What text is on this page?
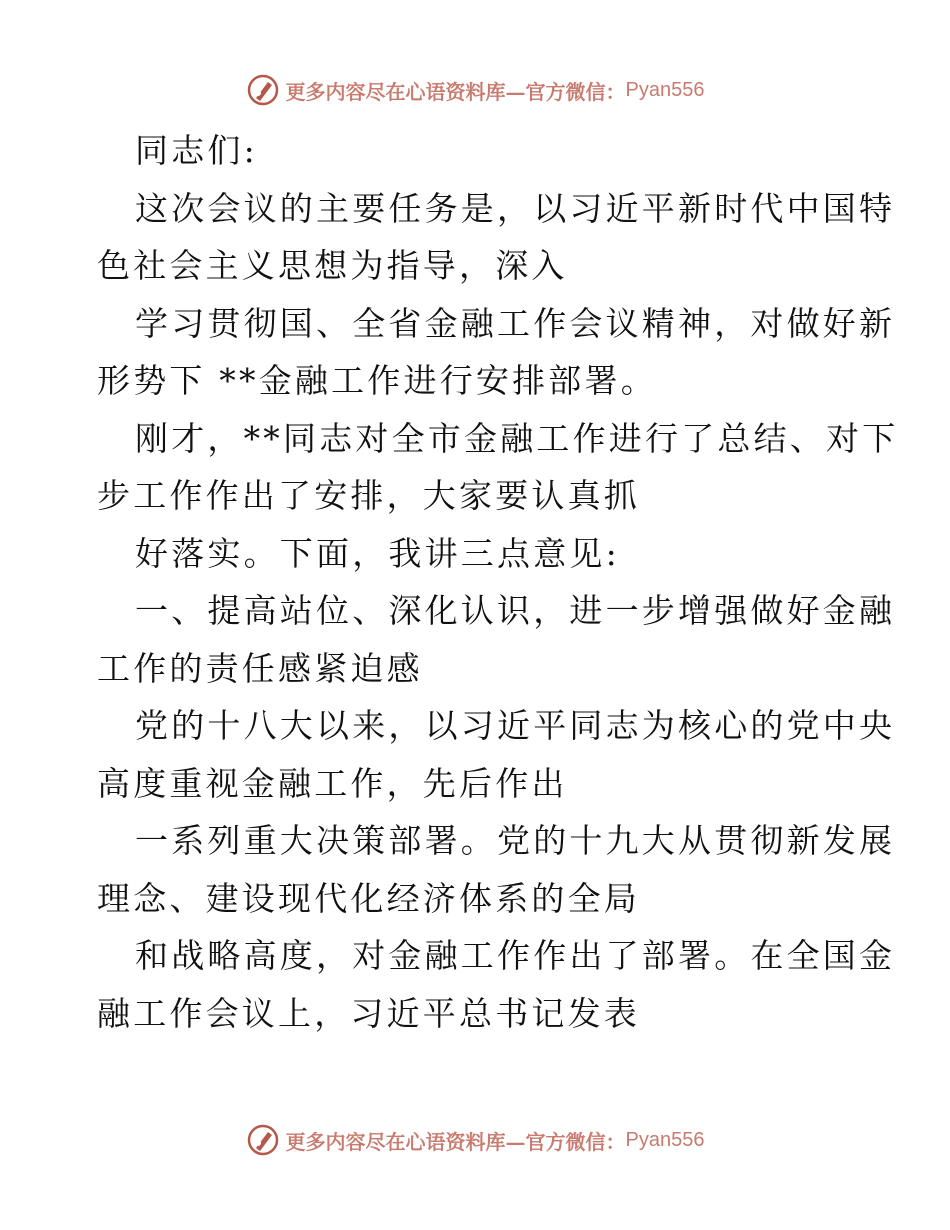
更多内容尽在心语资料库—官方微信： Pyan556
同志们:
这次会议的主要任务是，以习近平新时代中国特
色社会主义思想为指导，深入
学习贯彻国、全省金融工作会议精神，对做好新
形势下 **金融工作进行安排部署。
刚才，**同志对全市金融工作进行了总结、对下
步工作作出了安排，大家要认真抓
好落实。下面，我讲三点意见:
一、提高站位、深化认识，进一步增强做好金融
工作的责任感紧迫感
党的十八大以来，以习近平同志为核心的党中央
高度重视金融工作，先后作出
一系列重大决策部署。党的十九大从贯彻新发展
理念、建设现代化经济体系的全局
和战略高度，对金融工作作出了部署。在全国金
融工作会议上，习近平总书记发表
更多内容尽在心语资料库—官方微信： Pyan556
